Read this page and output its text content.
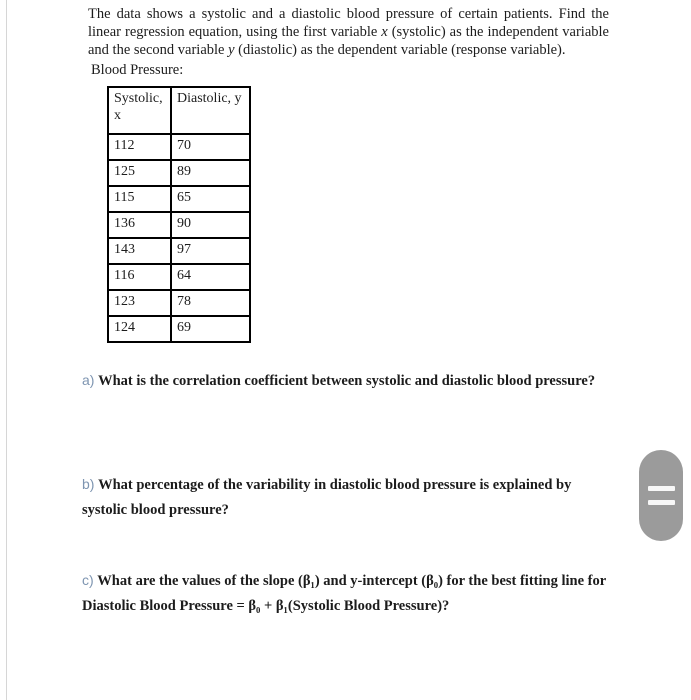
The data shows a systolic and a diastolic blood pressure of certain patients. Find the linear regression equation, using the first variable x (systolic) as the independent variable and the second variable y (diastolic) as the dependent variable (response variable).
Blood Pressure:
Systolic, x	Diastolic, y
112	70
125	89
115	65
136	90
143	97
116	64
123	78
124	69
a) What is the correlation coefficient between systolic and diastolic blood pressure?
b) What percentage of the variability in diastolic blood pressure is explained by systolic blood pressure?
c) What are the values of the slope (β₁) and y-intercept (β₀) for the best fitting line for
Diastolic Blood Pressure = β₀ + β₁(Systolic Blood Pressure)?
